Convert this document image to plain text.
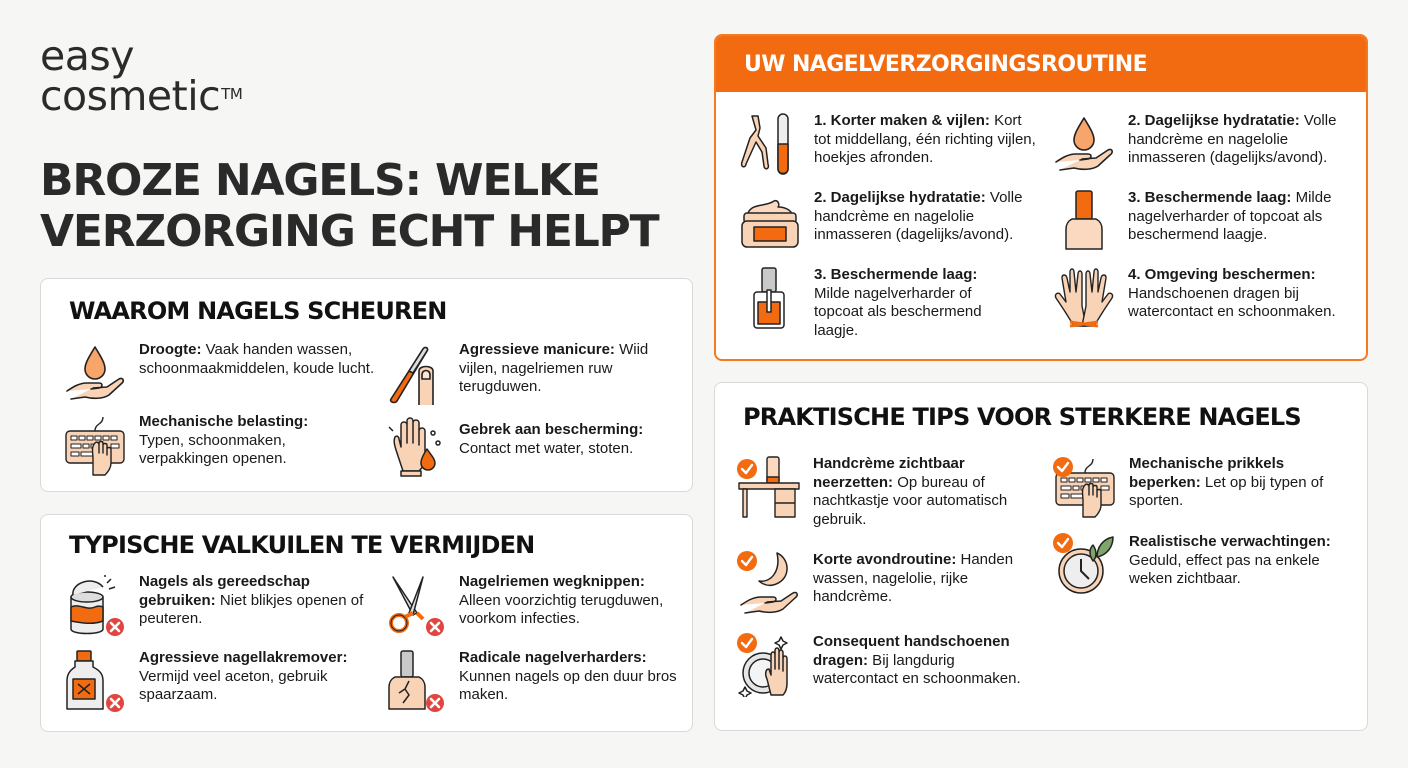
easy
cosmetic™
BROZE NAGELS: WELKE
VERZORGING ECHT HELPT
WAAROM NAGELS SCHEUREN
Droogte: Vaak handen wassen, schoonmaakmiddelen, koude lucht.
Agressieve manicure: Wiid vijlen, nagelriemen ruw terugduwen.
Mechanische belasting: Typen, schoonmaken, verpakkingen openen.
Gebrek aan bescherming: Contact met water, stoten.
TYPISCHE VALKUILEN TE VERMIJDEN
Nagels als gereedschap gebruiken: Niet blikjes openen of peuteren.
Nagelriemen wegknippen: Alleen voorzichtig terugduwen, voorkom infecties.
Agressieve nagellakremover: Vermijd veel aceton, gebruik spaarzaam.
Radicale nagelverharders: Kunnen nagels op den duur bros maken.
UW NAGELVERZORGINGSROUTINE
1. Korter maken & vijlen: Kort tot middellang, één richting vijlen, hoekjes afronden.
2. Dagelijkse hydratatie: Volle handcrème en nagelolie inmasseren (dagelijks/avond).
2. Dagelijkse hydratatie: Volle handcrème en nagelolie inmasseren (dagelijks/avond).
3. Beschermende laag: Milde nagelverharder of topcoat als beschermend laagje.
3. Beschermende laag: Milde nagelverharder of topcoat als beschermend laagje.
4. Omgeving beschermen: Handschoenen dragen bij watercontact en schoonmaken.
PRAKTISCHE TIPS VOOR STERKERE NAGELS
Handcrème zichtbaar neerzetten: Op bureau of nachtkastje voor automatisch gebruik.
Mechanische prikkels beperken: Let op bij typen of sporten.
Korte avondroutine: Handen wassen, nagelolie, rijke handcrème.
Realistische verwachtingen: Geduld, effect pas na enkele weken zichtbaar.
Consequent handschoenen dragen: Bij langdurig watercontact en schoonmaken.
